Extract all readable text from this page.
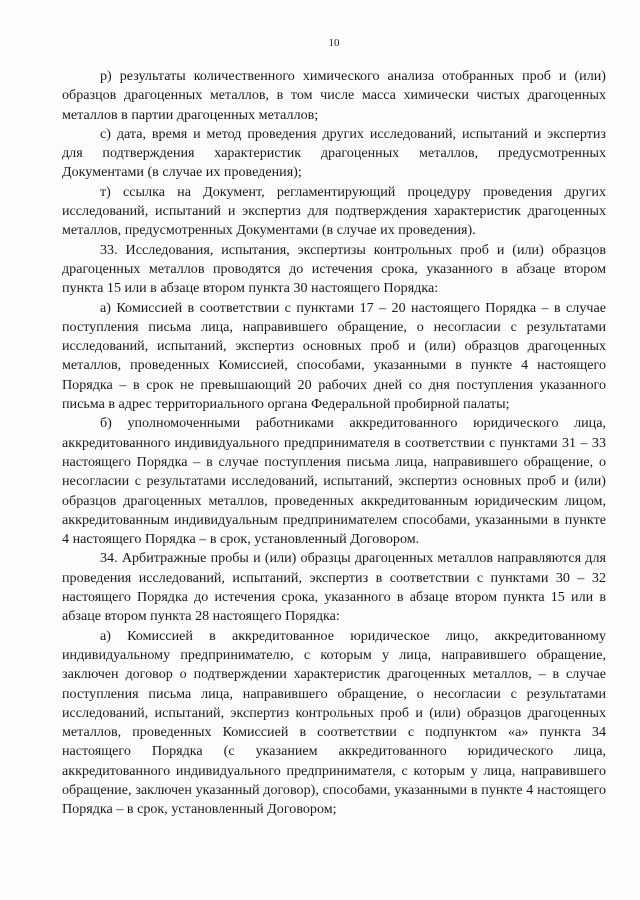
10

р) результаты количественного химического анализа отобранных проб и (или) образцов драгоценных металлов, в том числе масса химически чистых драгоценных металлов в партии драгоценных металлов;

с) дата, время и метод проведения других исследований, испытаний и экспертиз для подтверждения характеристик драгоценных металлов, предусмотренных Документами (в случае их проведения);

т) ссылка на Документ, регламентирующий процедуру проведения других исследований, испытаний и экспертиз для подтверждения характеристик драгоценных металлов, предусмотренных Документами (в случае их проведения).

33. Исследования, испытания, экспертизы контрольных проб и (или) образцов драгоценных металлов проводятся до истечения срока, указанного в абзаце втором пункта 15 или в абзаце втором пункта 30 настоящего Порядка:

а) Комиссией в соответствии с пунктами 17 – 20 настоящего Порядка – в случае поступления письма лица, направившего обращение, о несогласии с результатами исследований, испытаний, экспертиз основных проб и (или) образцов драгоценных металлов, проведенных Комиссией, способами, указанными в пункте 4 настоящего Порядка – в срок не превышающий 20 рабочих дней со дня поступления указанного письма в адрес территориального органа Федеральной пробирной палаты;

б) уполномоченными работниками аккредитованного юридического лица, аккредитованного индивидуального предпринимателя в соответствии с пунктами 31 – 33 настоящего Порядка – в случае поступления письма лица, направившего обращение, о несогласии с результатами исследований, испытаний, экспертиз основных проб и (или) образцов драгоценных металлов, проведенных аккредитованным юридическим лицом, аккредитованным индивидуальным предпринимателем способами, указанными в пункте 4 настоящего Порядка – в срок, установленный Договором.

34. Арбитражные пробы и (или) образцы драгоценных металлов направляются для проведения исследований, испытаний, экспертиз в соответствии с пунктами 30 – 32 настоящего Порядка до истечения срока, указанного в абзаце втором пункта 15 или в абзаце втором пункта 28 настоящего Порядка:

а) Комиссией в аккредитованное юридическое лицо, аккредитованному индивидуальному предпринимателю, с которым у лица, направившего обращение, заключен договор о подтверждении характеристик драгоценных металлов, – в случае поступления письма лица, направившего обращение, о несогласии с результатами исследований, испытаний, экспертиз контрольных проб и (или) образцов драгоценных металлов, проведенных Комиссией в соответствии с подпунктом «а» пункта 34 настоящего Порядка (с указанием аккредитованного юридического лица, аккредитованного индивидуального предпринимателя, с которым у лица, направившего обращение, заключен указанный договор), способами, указанными в пункте 4 настоящего Порядка – в срок, установленный Договором;
